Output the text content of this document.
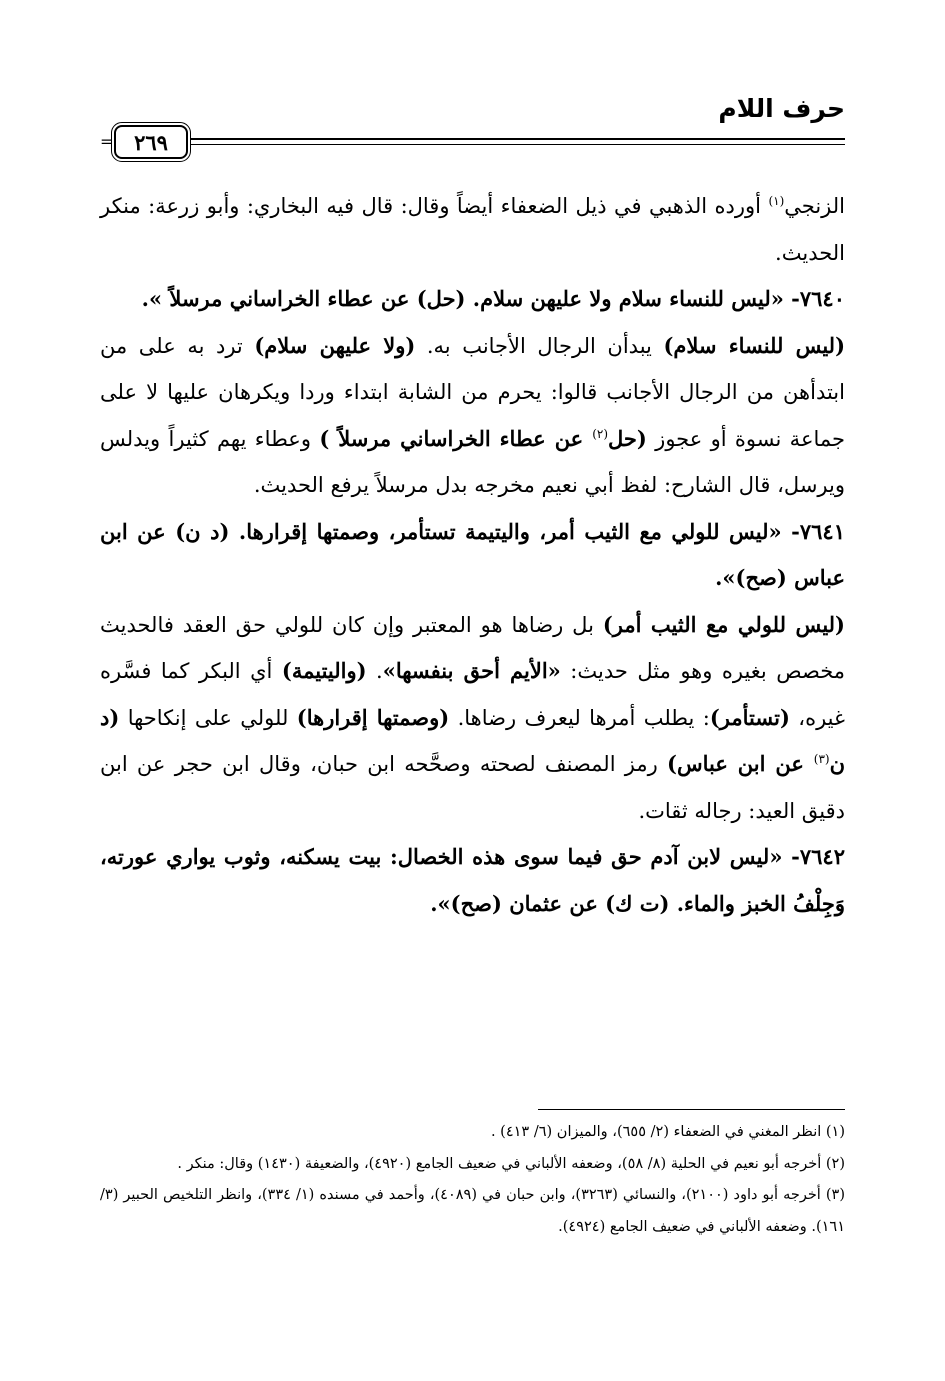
حرف اللام
٢٦٩
=

الزنجي$^{(١)}$ أورده الذهبي في ذيل الضعفاء أيضاً وقال: قال فيه البخاري: وأبو زرعة: منكر الحديث.

٧٦٤٠- «ليس للنساء سلام ولا عليهن سلام. (حل) عن عطاء الخراساني مرسلاً ».

(ليس للنساء سلام) يبدأن الرجال الأجانب به. (ولا عليهن سلام) ترد به على من ابتدأهن من الرجال الأجانب قالوا: يحرم من الشابة ابتداء وردا ويكرهان عليها لا على جماعة نسوة أو عجوز (حل$^{(٢)}$ عن عطاء الخراساني مرسلاً ) وعطاء يهم كثيراً ويدلس ويرسل، قال الشارح: لفظ أبي نعيم مخرجه بدل مرسلاً يرفع الحديث.

٧٦٤١- «ليس للولي مع الثيب أمر، واليتيمة تستأمر، وصمتها إقرارها. (د ن) عن ابن عباس (صح)».

(ليس للولي مع الثيب أمر) بل رضاها هو المعتبر وإن كان للولي حق العقد فالحديث مخصص بغيره وهو مثل حديث: «الأيم أحق بنفسها». (واليتيمة) أي البكر كما فسَّره غيره، (تستأمر): يطلب أمرها ليعرف رضاها. (وصمتها إقرارها) للولي على إنكاحها (د ن$^{(٣)}$ عن ابن عباس) رمز المصنف لصحته وصحَّحه ابن حبان، وقال ابن حجر عن ابن دقيق العيد: رجاله ثقات.

٧٦٤٢- «ليس لابن آدم حق فيما سوى هذه الخصال: بيت يسكنه، وثوب يواري عورته، وَجِلْفُ الخبز والماء. (ت ك) عن عثمان (صح)».

(١) انظر المغني في الضعفاء (٢/ ٦٥٥)، والميزان (٦/ ٤١٣) .

(٢) أخرجه أبو نعيم في الحلية (٨/ ٥٨)، وضعفه الألباني في ضعيف الجامع (٤٩٢٠)، والضعيفة (١٤٣٠) وقال: منكر .

(٣) أخرجه أبو داود (٢١٠٠)، والنسائي (٣٢٦٣)، وابن حبان في (٤٠٨٩)، وأحمد في مسنده (١/ ٣٣٤)، وانظر التلخيص الحبير (٣/ ١٦١). وضعفه الألباني في ضعيف الجامع (٤٩٢٤).
